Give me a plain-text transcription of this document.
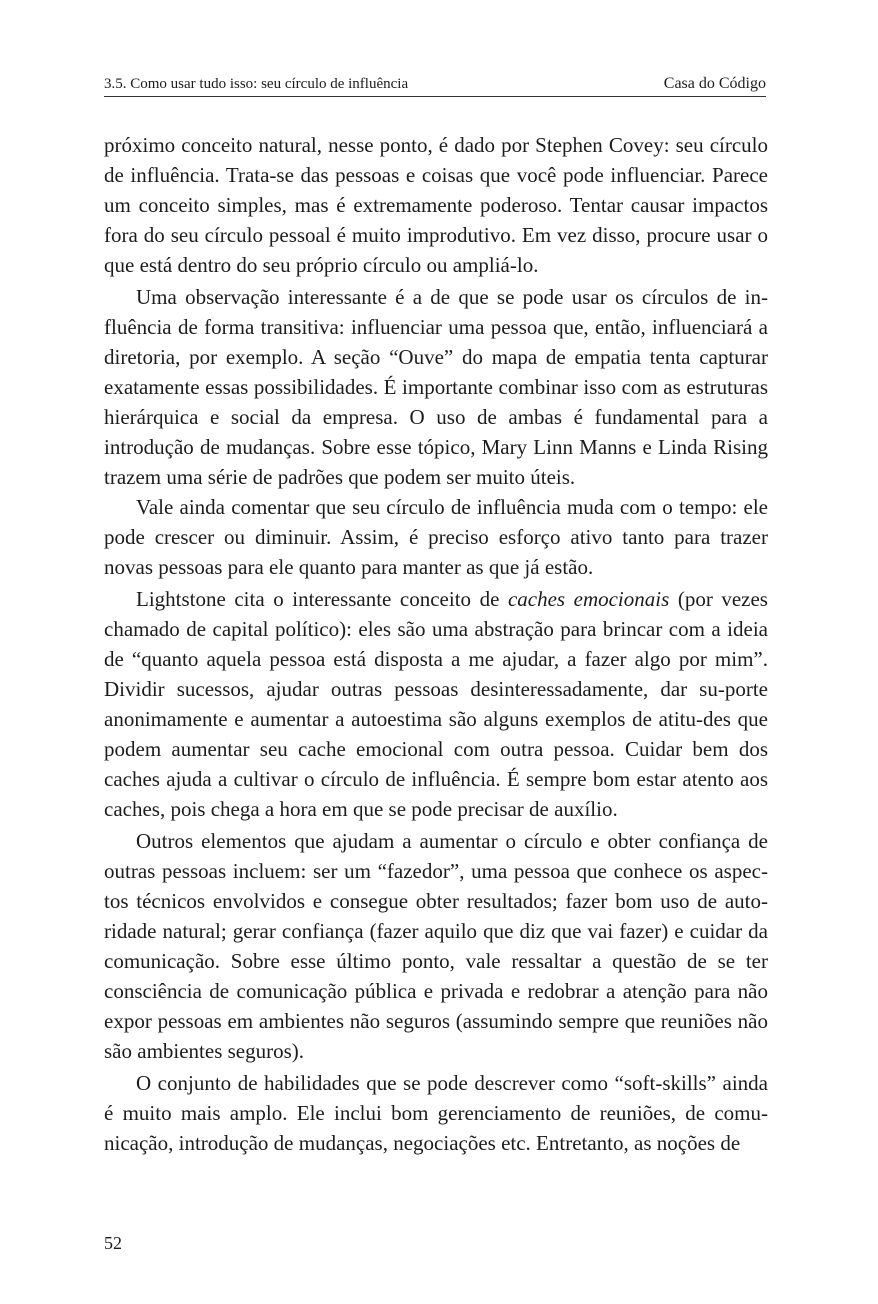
3.5. Como usar tudo isso: seu círculo de influência	Casa do Código

próximo conceito natural, nesse ponto, é dado por Stephen Covey: seu círculo de influência. Trata-se das pessoas e coisas que você pode influenciar. Parece um conceito simples, mas é extremamente poderoso. Tentar causar impactos fora do seu círculo pessoal é muito improdutivo. Em vez disso, procure usar o que está dentro do seu próprio círculo ou ampliá-lo.

Uma observação interessante é a de que se pode usar os círculos de influência de forma transitiva: influenciar uma pessoa que, então, influenciará a diretoria, por exemplo. A seção “Ouve” do mapa de empatia tenta capturar exatamente essas possibilidades. É importante combinar isso com as estruturas hierárquica e social da empresa. O uso de ambas é fundamental para a introdução de mudanças. Sobre esse tópico, Mary Linn Manns e Linda Rising trazem uma série de padrões que podem ser muito úteis.

Vale ainda comentar que seu círculo de influência muda com o tempo: ele pode crescer ou diminuir. Assim, é preciso esforço ativo tanto para trazer novas pessoas para ele quanto para manter as que já estão.

Lightstone cita o interessante conceito de caches emocionais (por vezes chamado de capital político): eles são uma abstração para brincar com a ideia de “quanto aquela pessoa está disposta a me ajudar, a fazer algo por mim”. Dividir sucessos, ajudar outras pessoas desinteressadamente, dar su-porte anonimamente e aumentar a autoestima são alguns exemplos de atitu-des que podem aumentar seu cache emocional com outra pessoa. Cuidar bem dos caches ajuda a cultivar o círculo de influência. É sempre bom estar atento aos caches, pois chega a hora em que se pode precisar de auxílio.

Outros elementos que ajudam a aumentar o círculo e obter confiança de outras pessoas incluem: ser um “fazedor”, uma pessoa que conhece os aspectos técnicos envolvidos e consegue obter resultados; fazer bom uso de autoridade natural; gerar confiança (fazer aquilo que diz que vai fazer) e cuidar da comunicação. Sobre esse último ponto, vale ressaltar a questão de se ter consciência de comunicação pública e privada e redobrar a atenção para não expor pessoas em ambientes não seguros (assumindo sempre que reuniões não são ambientes seguros).

O conjunto de habilidades que se pode descrever como “soft-skills” ainda é muito mais amplo. Ele inclui bom gerenciamento de reuniões, de comu-nicação, introdução de mudanças, negociações etc. Entretanto, as noções de

52
